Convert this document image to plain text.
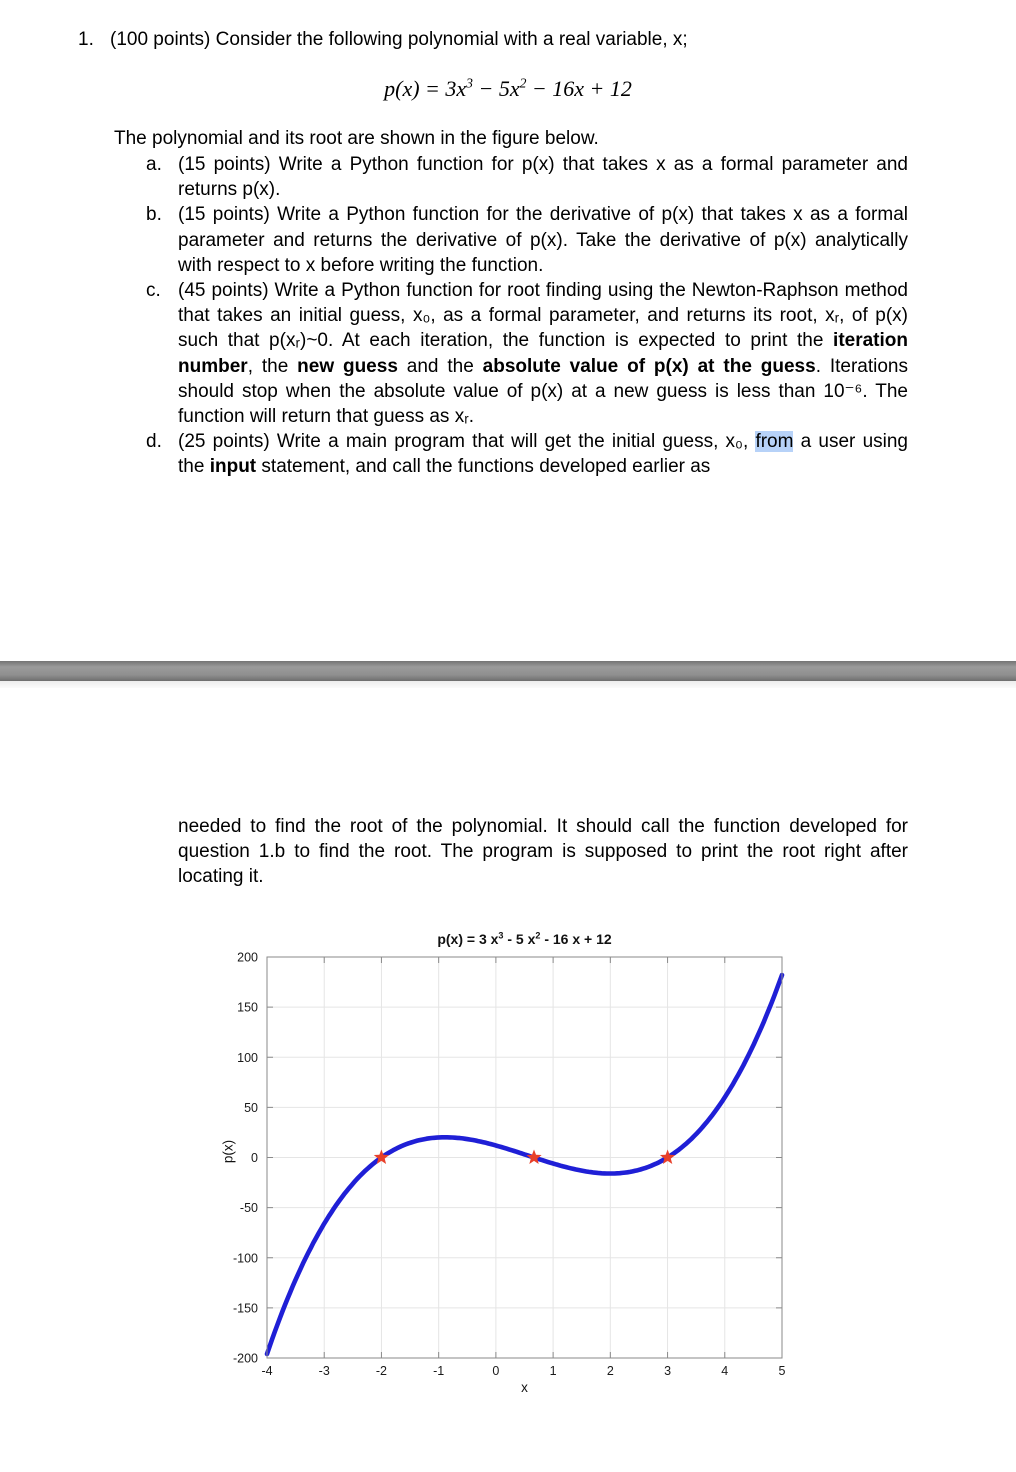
1. (100 points) Consider the following polynomial with a real variable, x;
$p(x) = 3x^3 - 5x^2 - 16x + 12$
The polynomial and its root are shown in the figure below.
a. (15 points) Write a Python function for p(x) that takes x as a formal parameter and returns p(x).
b. (15 points) Write a Python function for the derivative of p(x) that takes x as a formal parameter and returns the derivative of p(x). Take the derivative of p(x) analytically with respect to x before writing the function.
c. (45 points) Write a Python function for root finding using the Newton-Raphson method that takes an initial guess, x₀, as a formal parameter, and returns its root, xᵣ, of p(x) such that p(xᵣ)~0. At each iteration, the function is expected to print the iteration number, the new guess and the absolute value of p(x) at the guess. Iterations should stop when the absolute value of p(x) at a new guess is less than 10⁻⁶. The function will return that guess as xᵣ.
d. (25 points) Write a main program that will get the initial guess, x₀, from a user using the input statement, and call the functions developed earlier as
needed to find the root of the polynomial. It should call the function developed for question 1.b to find the root. The program is supposed to print the root right after locating it.
p(x) = 3 $x^3 - 5$ $x^2 - 16$ x + 12
-4	-3	-2	-1	0	1	2	3	4	5
-200
-150
-100
-50
0
50
100
150
200
p(x)
x
